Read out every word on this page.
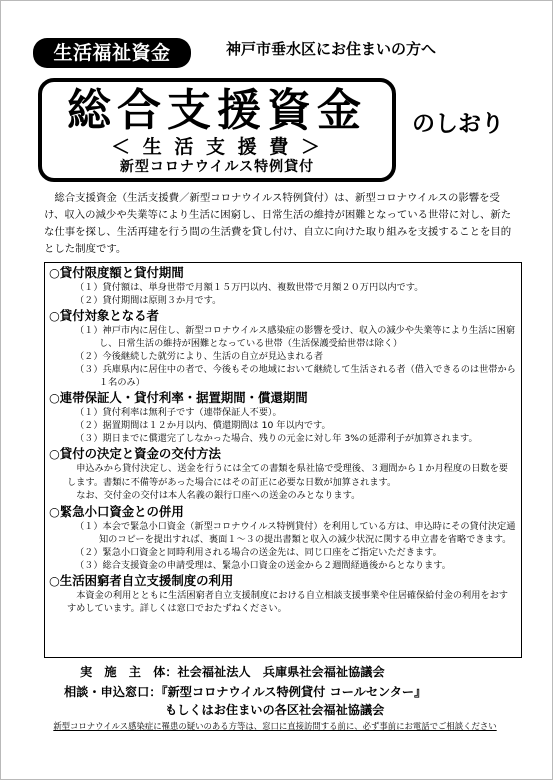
生活福祉資金	神戸市垂水区にお住まいの方へ
総合支援資金
＜ 生 活 支 援 費 ＞
新型コロナウイルス特例貸付
のしおり
総合支援資金（生活支援費／新型コロナウイルス特例貸付）は、新型コロナウイルスの影響を受け、収入の減少や失業等により生活に困窮し、日常生活の維持が困難となっている世帯に対し、新たな仕事を探し、生活再建を行う間の生活費を貸し付け、自立に向けた取り組みを支援することを目的とした制度です。
○貸付限度額と貸付期間
（１）貸付額は、単身世帯で月額１５万円以内、複数世帯で月額２０万円以内です。
（２）貸付期間は原則３か月です。
○貸付対象となる者
（１）神戸市内に居住し、新型コロナウイルス感染症の影響を受け、収入の減少や失業等により生活に困窮し、日常生活の維持が困難となっている世帯（生活保護受給世帯は除く）
（２）今後継続した就労により、生活の自立が見込まれる者
（３）兵庫県内に居住中の者で、今後もその地域において継続して生活される者（借入できるのは世帯から１名のみ）
○連帯保証人・貸付利率・据置期間・償還期間
（１）貸付利率は無利子です（連帯保証人不要）。
（２）据置期間は１２か月以内、償還期間は 10 年以内です。
（３）期日までに償還完了しなかった場合、残りの元金に対し年 3%の延滞利子が加算されます。
○貸付の決定と資金の交付方法
申込みから貸付決定し、送金を行うには全ての書類を県社協で受理後、３週間から１か月程度の日数を要します。書類に不備等があった場合にはその訂正に必要な日数が加算されます。
なお、交付金の交付は本人名義の銀行口座への送金のみとなります。
○緊急小口資金との併用
（１）本会で緊急小口資金（新型コロナウイルス特例貸付）を利用している方は、申込時にその貸付決定通知のコピーを提出すれば、裏面１～３の提出書類と収入の減少状況に関する申立書を省略できます。
（２）緊急小口資金と同時利用される場合の送金先は、同じ口座をご指定いただきます。
（３）総合支援資金の申請受理は、緊急小口資金の送金から２週間経過後からとなります。
○生活困窮者自立支援制度の利用
本資金の利用とともに生活困窮者自立支援制度における自立相談支援事業や住居確保給付金の利用をおすすめしています。詳しくは窓口でおたずねください。
実　施　主　体：社会福祉法人　兵庫県社会福祉協議会
相談・申込窓口：『新型コロナウイルス特例貸付 コールセンター』
もしくはお住まいの各区社会福祉協議会
新型コロナウイルス感染症に罹患の疑いのある方等は、窓口に直接訪問する前に、必ず事前にお電話でご相談ください
